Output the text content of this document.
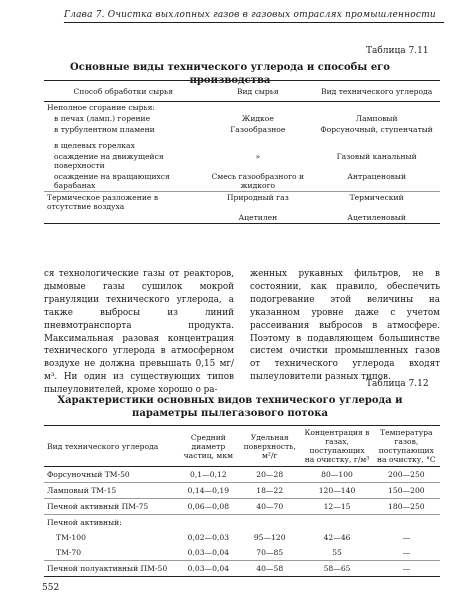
Глава 7. Очистка выхлопных газов в газовых отраслях промышленности
Таблица 7.11
Основные виды технического углерода и способы его производства
Способ обработки сырья	Вид сырья	Вид технического углерода
Неполное сгорание сырья:		
в печах (ламп.) горение	Жидкое	Ламповый
в турбулентном пламени	Газообразное	Форсуночный, ступенчатый
в щелевых горелках		
осаждение на движущейся поверхности	»	Газовый канальный
осаждение на вращающихся барабанах	Смесь газообразного и жидкого	Антраценовый
Термическое разложение в отсутствие воздуха	Природный газ	Термический
	Ацетилен	Ацетиленовый
ся технологические газы от реакторов, дымовые газы сушилок мокрой грануляции технического углерода, а также выбросы из линий пневмотранспорта продукта. Максимальная разовая концентрация технического углерода в атмосферном воздухе не должна превышать 0,15 мг/м³. Ни один из существующих типов пылеуловителей, кроме хорошо о ра-
женных рукавных фильтров, не в состоянии, как правило, обеспечить подогревание этой величины на указанном уровне даже с учетом рассеивания выбросов в атмосфере. Поэтому в подавляющем большинстве систем очистки промышленных газов от технического углерода входят пылеуловители разных типов.
Таблица 7.12
Характеристики основных видов технического углерода и параметры пылегазового потока
Вид технического углерода	Средний диаметр частиц, мкм	Удельная поверхность, м²/г	Концентрация в газах, поступающих на очистку, г/м³	Температура газов, поступающих на очистку, °С
Форсуночный ТМ-50	0,1—0,12	20—28	80—100	200—250
Ламповый ТМ-15	0,14—0,19	18—22	120—140	150—200
Печной активный ПМ-75	0,06—0,08	40—70	12—15	180—250
Печной активный:				
ТМ-100	0,02—0,03	95—120	42—46	—
ТМ-70	0,03—0,04	70—85	55	—
Печной полуактивный ПМ-50	0,03—0,04	40—58	58—65	—
552
